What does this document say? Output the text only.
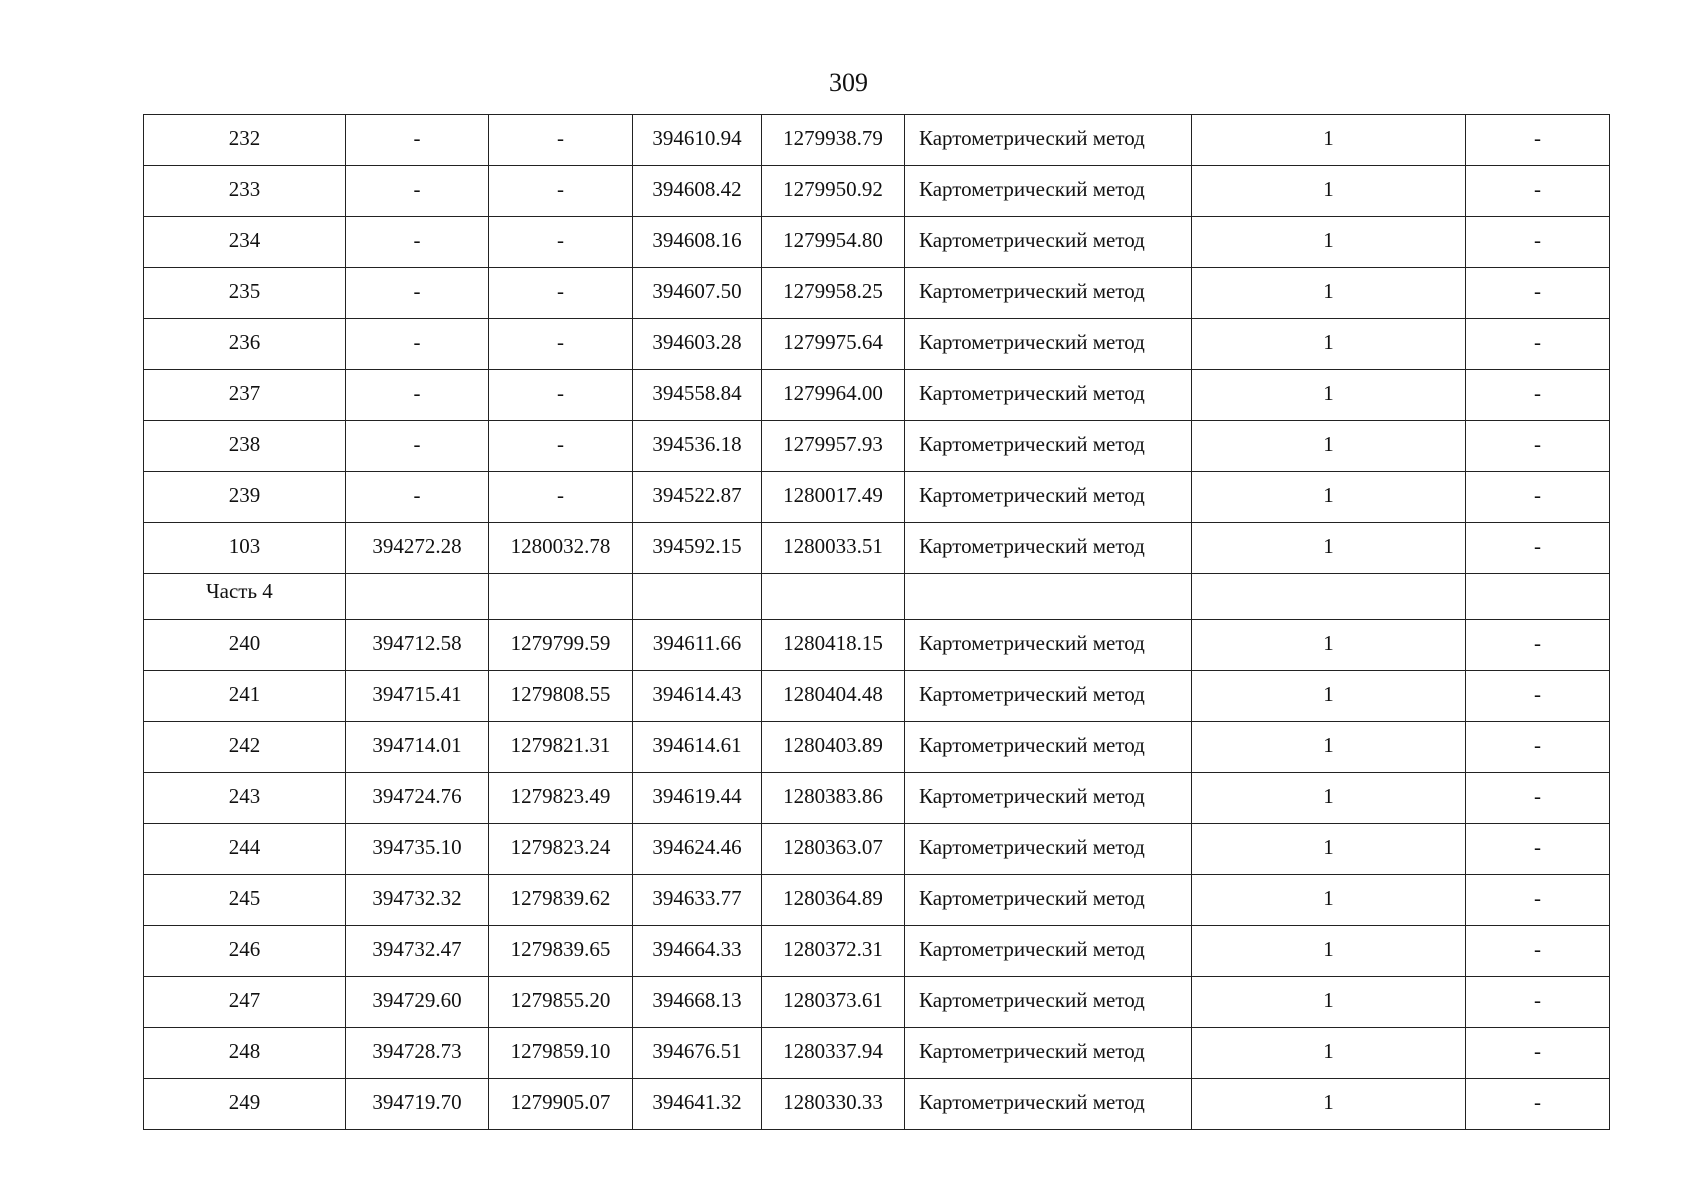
309
232	-	-	394610.94	1279938.79	Картометрический метод	1	-
233	-	-	394608.42	1279950.92	Картометрический метод	1	-
234	-	-	394608.16	1279954.80	Картометрический метод	1	-
235	-	-	394607.50	1279958.25	Картометрический метод	1	-
236	-	-	394603.28	1279975.64	Картометрический метод	1	-
237	-	-	394558.84	1279964.00	Картометрический метод	1	-
238	-	-	394536.18	1279957.93	Картометрический метод	1	-
239	-	-	394522.87	1280017.49	Картометрический метод	1	-
103	394272.28	1280032.78	394592.15	1280033.51	Картометрический метод	1	-
Часть 4							
240	394712.58	1279799.59	394611.66	1280418.15	Картометрический метод	1	-
241	394715.41	1279808.55	394614.43	1280404.48	Картометрический метод	1	-
242	394714.01	1279821.31	394614.61	1280403.89	Картометрический метод	1	-
243	394724.76	1279823.49	394619.44	1280383.86	Картометрический метод	1	-
244	394735.10	1279823.24	394624.46	1280363.07	Картометрический метод	1	-
245	394732.32	1279839.62	394633.77	1280364.89	Картометрический метод	1	-
246	394732.47	1279839.65	394664.33	1280372.31	Картометрический метод	1	-
247	394729.60	1279855.20	394668.13	1280373.61	Картометрический метод	1	-
248	394728.73	1279859.10	394676.51	1280337.94	Картометрический метод	1	-
249	394719.70	1279905.07	394641.32	1280330.33	Картометрический метод	1	-
